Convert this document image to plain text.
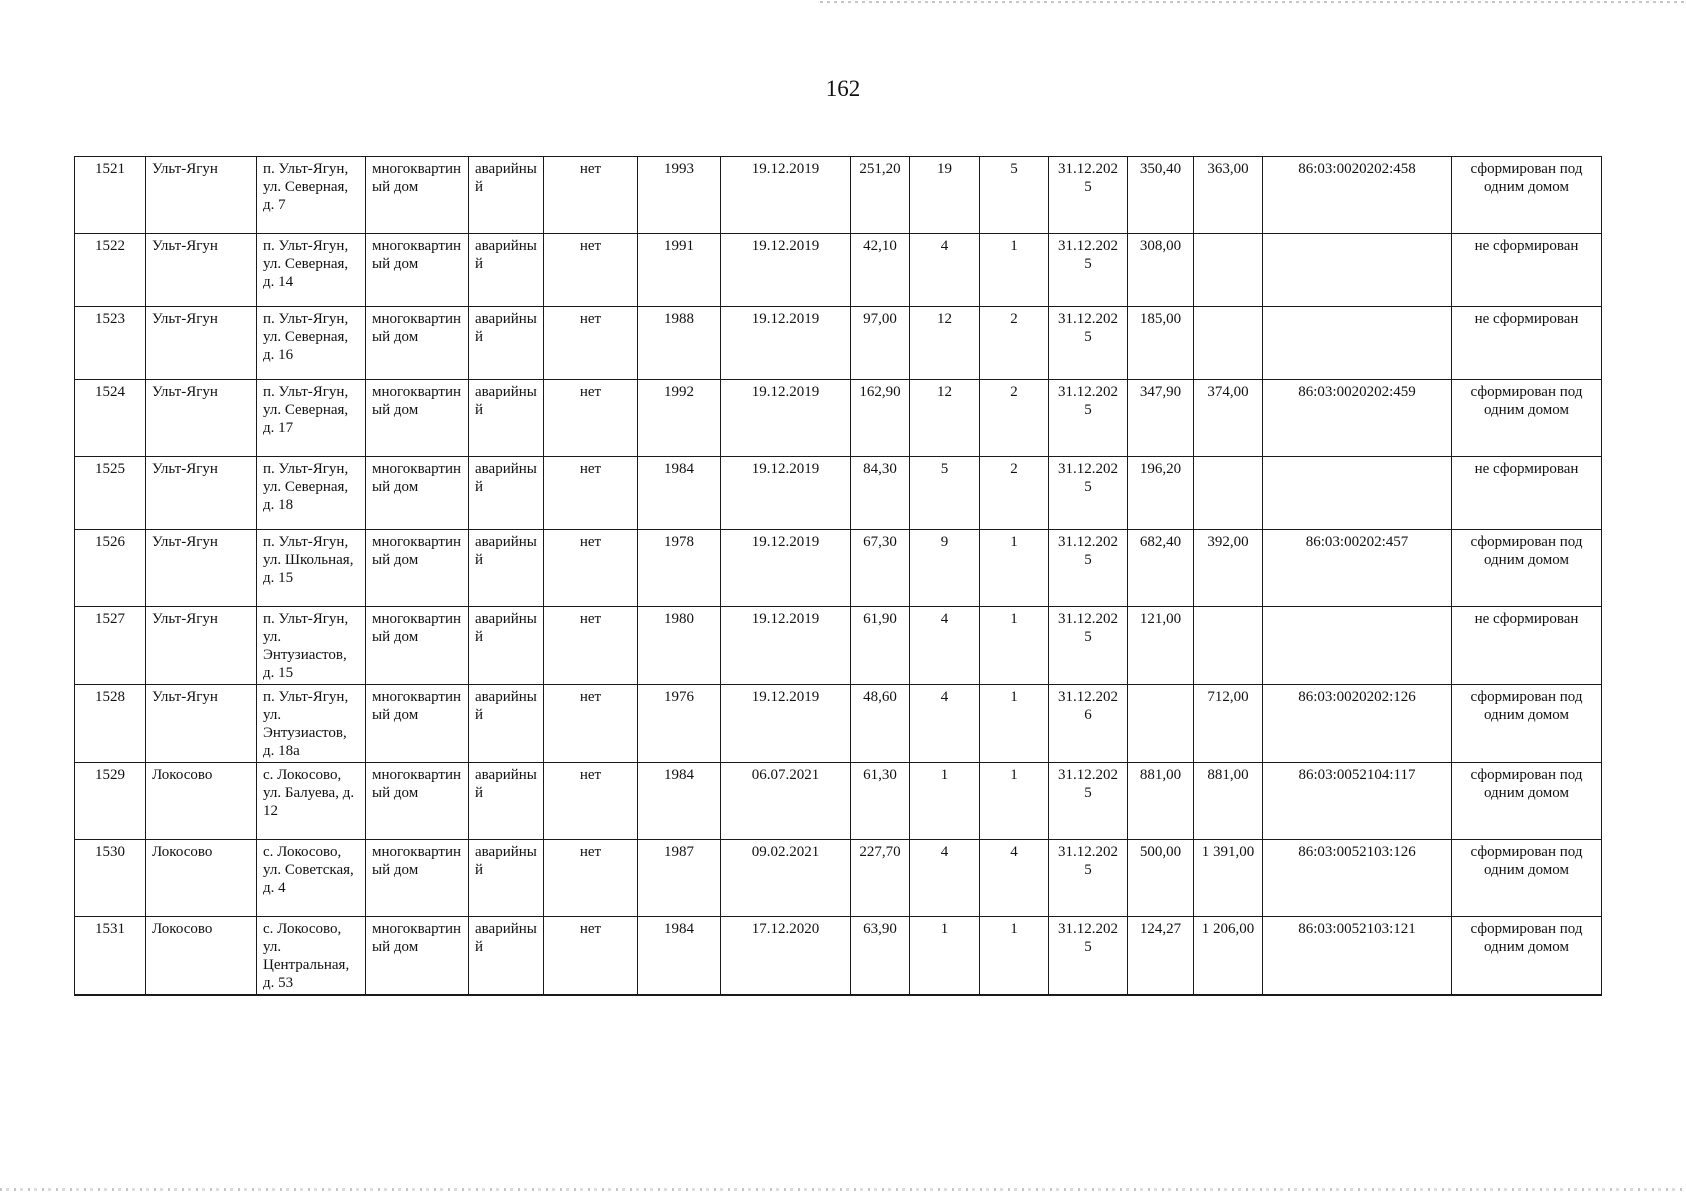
162
1521	Ульт-Ягун	п. Ульт-Ягун, ул. Северная, д. 7	многоквартиный дом	аварийный	нет	1993	19.12.2019	251,20	19	5	31.12.2025	350,40	363,00	86:03:0020202:458	сформирован под одним домом
1522	Ульт-Ягун	п. Ульт-Ягун, ул. Северная, д. 14	многоквартиный дом	аварийный	нет	1991	19.12.2019	42,10	4	1	31.12.2025	308,00			не сформирован
1523	Ульт-Ягун	п. Ульт-Ягун, ул. Северная, д. 16	многоквартиный дом	аварийный	нет	1988	19.12.2019	97,00	12	2	31.12.2025	185,00			не сформирован
1524	Ульт-Ягун	п. Ульт-Ягун, ул. Северная, д. 17	многоквартиный дом	аварийный	нет	1992	19.12.2019	162,90	12	2	31.12.2025	347,90	374,00	86:03:0020202:459	сформирован под одним домом
1525	Ульт-Ягун	п. Ульт-Ягун, ул. Северная, д. 18	многоквартиный дом	аварийный	нет	1984	19.12.2019	84,30	5	2	31.12.2025	196,20			не сформирован
1526	Ульт-Ягун	п. Ульт-Ягун, ул. Школьная, д. 15	многоквартиный дом	аварийный	нет	1978	19.12.2019	67,30	9	1	31.12.2025	682,40	392,00	86:03:00202:457	сформирован под одним домом
1527	Ульт-Ягун	п. Ульт-Ягун, ул. Энтузиастов, д. 15	многоквартиный дом	аварийный	нет	1980	19.12.2019	61,90	4	1	31.12.2025	121,00			не сформирован
1528	Ульт-Ягун	п. Ульт-Ягун, ул. Энтузиастов, д. 18а	многоквартиный дом	аварийный	нет	1976	19.12.2019	48,60	4	1	31.12.2026		712,00	86:03:0020202:126	сформирован под одним домом
1529	Локосово	с. Локосово, ул. Балуева, д. 12	многоквартиный дом	аварийный	нет	1984	06.07.2021	61,30	1	1	31.12.2025	881,00	881,00	86:03:0052104:117	сформирован под одним домом
1530	Локосово	с. Локосово, ул. Советская, д. 4	многоквартиный дом	аварийный	нет	1987	09.02.2021	227,70	4	4	31.12.2025	500,00	1 391,00	86:03:0052103:126	сформирован под одним домом
1531	Локосово	с. Локосово, ул. Центральная, д. 53	многоквартиный дом	аварийный	нет	1984	17.12.2020	63,90	1	1	31.12.2025	124,27	1 206,00	86:03:0052103:121	сформирован под одним домом
